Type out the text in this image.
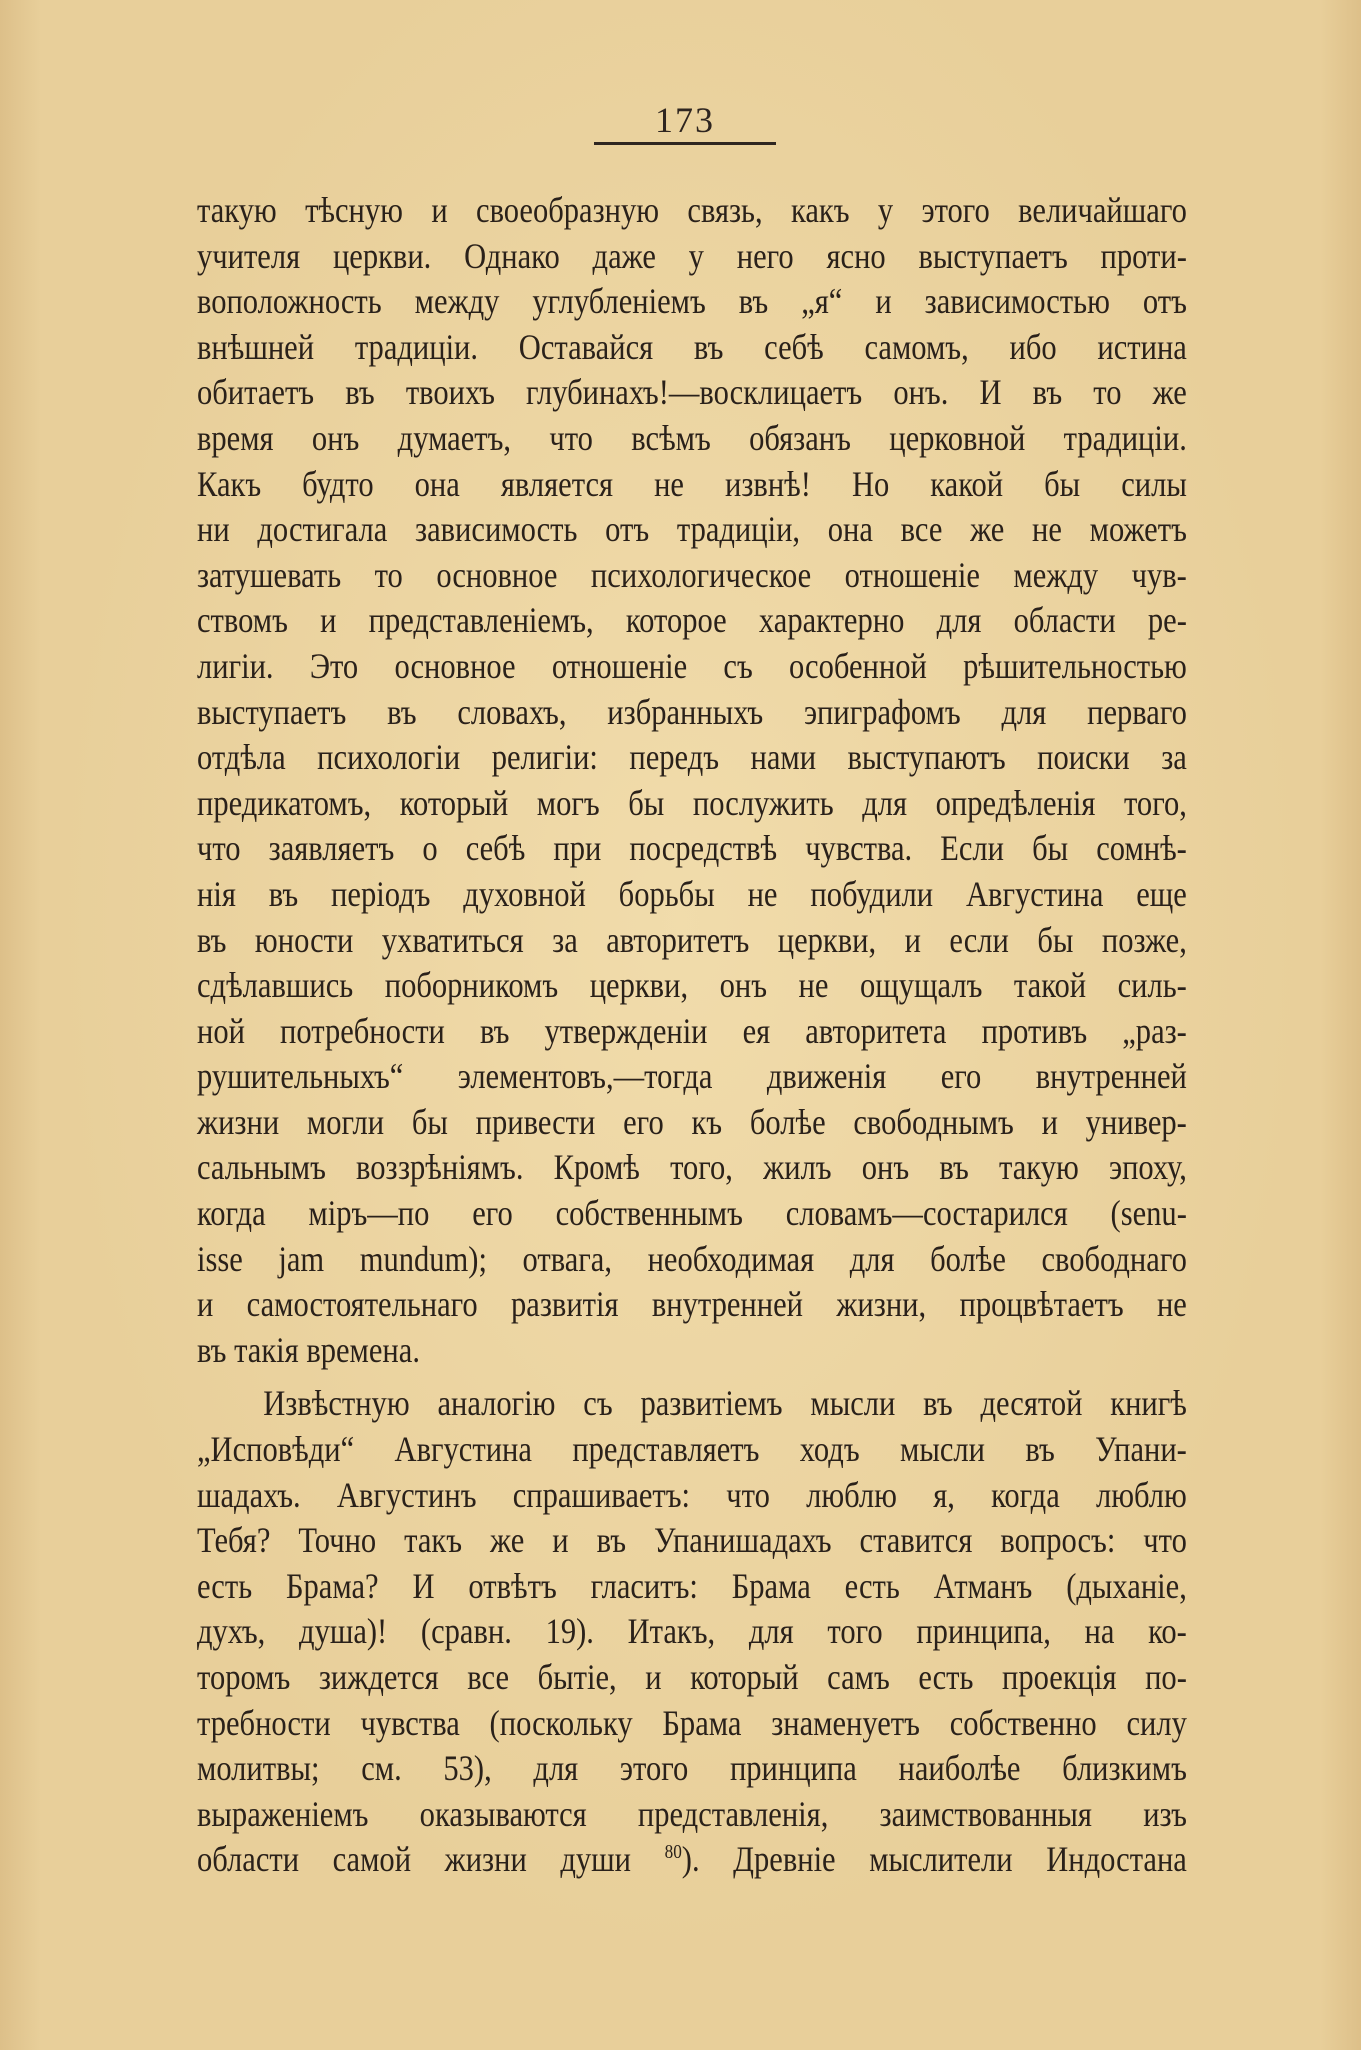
173
такую тѣсную и своеобразную связь, какъ у этого величайшаго
учителя церкви. Однако даже у него ясно выступаетъ проти-
воположность между углубленіемъ въ „я“ и зависимостью отъ
внѣшней традиціи. Оставайся въ себѣ самомъ, ибо истина
обитаетъ въ твоихъ глубинахъ!—восклицаетъ онъ. И въ то же
время онъ думаетъ, что всѣмъ обязанъ церковной традиціи.
Какъ будто она является не извнѣ! Но какой бы силы
ни достигала зависимость отъ традиціи, она все же не можетъ
затушевать то основное психологическое отношеніе между чув-
ствомъ и представленіемъ, которое характерно для области ре-
лигіи. Это основное отношеніе съ особенной рѣшительностью
выступаетъ въ словахъ, избранныхъ эпиграфомъ для перваго
отдѣла психологіи религіи: передъ нами выступаютъ поиски за
предикатомъ, который могъ бы послужить для опредѣленія того,
что заявляетъ о себѣ при посредствѣ чувства. Если бы сомнѣ-
нія въ періодъ духовной борьбы не побудили Августина еще
въ юности ухватиться за авторитетъ церкви, и если бы позже,
сдѣлавшись поборникомъ церкви, онъ не ощущалъ такой силь-
ной потребности въ утвержденіи ея авторитета противъ „раз-
рушительныхъ“ элементовъ,—тогда движенія его внутренней
жизни могли бы привести его къ болѣе свободнымъ и универ-
сальнымъ воззрѣніямъ. Кромѣ того, жилъ онъ въ такую эпоху,
когда міръ—по его собственнымъ словамъ—состарился (senu-
isse jam mundum); отвага, необходимая для болѣе свободнаго
и самостоятельнаго развитія внутренней жизни, процвѣтаетъ не
въ такія времена.
Извѣстную аналогію съ развитіемъ мысли въ десятой книгѣ
„Исповѣди“ Августина представляетъ ходъ мысли въ Упани-
шадахъ. Августинъ спрашиваетъ: что люблю я, когда люблю
Тебя? Точно такъ же и въ Упанишадахъ ставится вопросъ: что
есть Брама? И отвѣтъ гласитъ: Брама есть Атманъ (дыханіе,
духъ, душа)! (сравн. 19). Итакъ, для того принципа, на ко-
торомъ зиждется все бытіе, и который самъ есть проекція по-
требности чувства (поскольку Брама знаменуетъ собственно силу
молитвы; см. 53), для этого принципа наиболѣе близкимъ
выраженіемъ оказываются представленія, заимствованныя изъ
области самой жизни души $^{80}$). Древніе мыслители Индостана
